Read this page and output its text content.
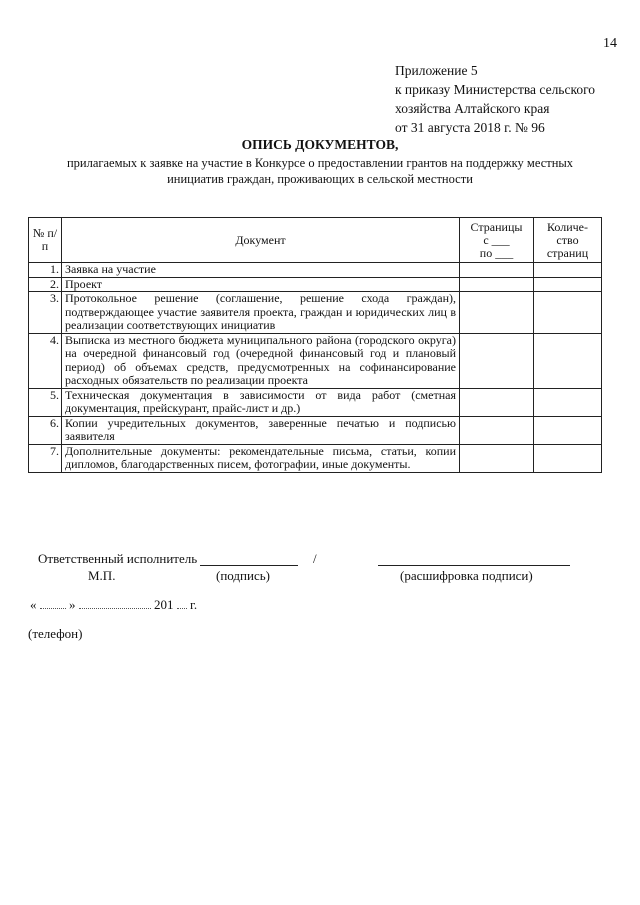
14
Приложение 5
к приказу Министерства сельского
хозяйства Алтайского края
от 31 августа 2018 г. № 96
ОПИСЬ ДОКУМЕНТОВ,
прилагаемых к заявке на участие в Конкурсе о предоставлении грантов на поддержку местных инициатив граждан, проживающих в сельской местности
№ п/п	Документ	Страницы
с ___
по ___	Количе-ство страниц
1.	Заявка на участие		
2.	Проект		
3.	Протокольное решение (соглашение, решение схода граждан), подтверждающее участие заявителя проекта, граждан и юридических лиц в реализации соответствующих инициатив		
4.	Выписка из местного бюджета муниципального района (городского округа) на очередной финансовый год (очередной финансовый год и плановый период) об объемах средств, предусмотренных на софинансирование расходных обязательств по реализации проекта		
5.	Техническая документация в зависимости от вида работ (сметная документация, прейскурант, прайс-лист и др.)		
6.	Копии учредительных документов, заверенные печатью и подписью заявителя		
7.	Дополнительные документы: рекомендательные письма, статьи, копии дипломов, благодарственных писем, фотографии, иные документы.		
Ответственный исполнитель	/
М.П.	(подпись)	(расшифровка подписи)
«	»	201 г.
(телефон)
